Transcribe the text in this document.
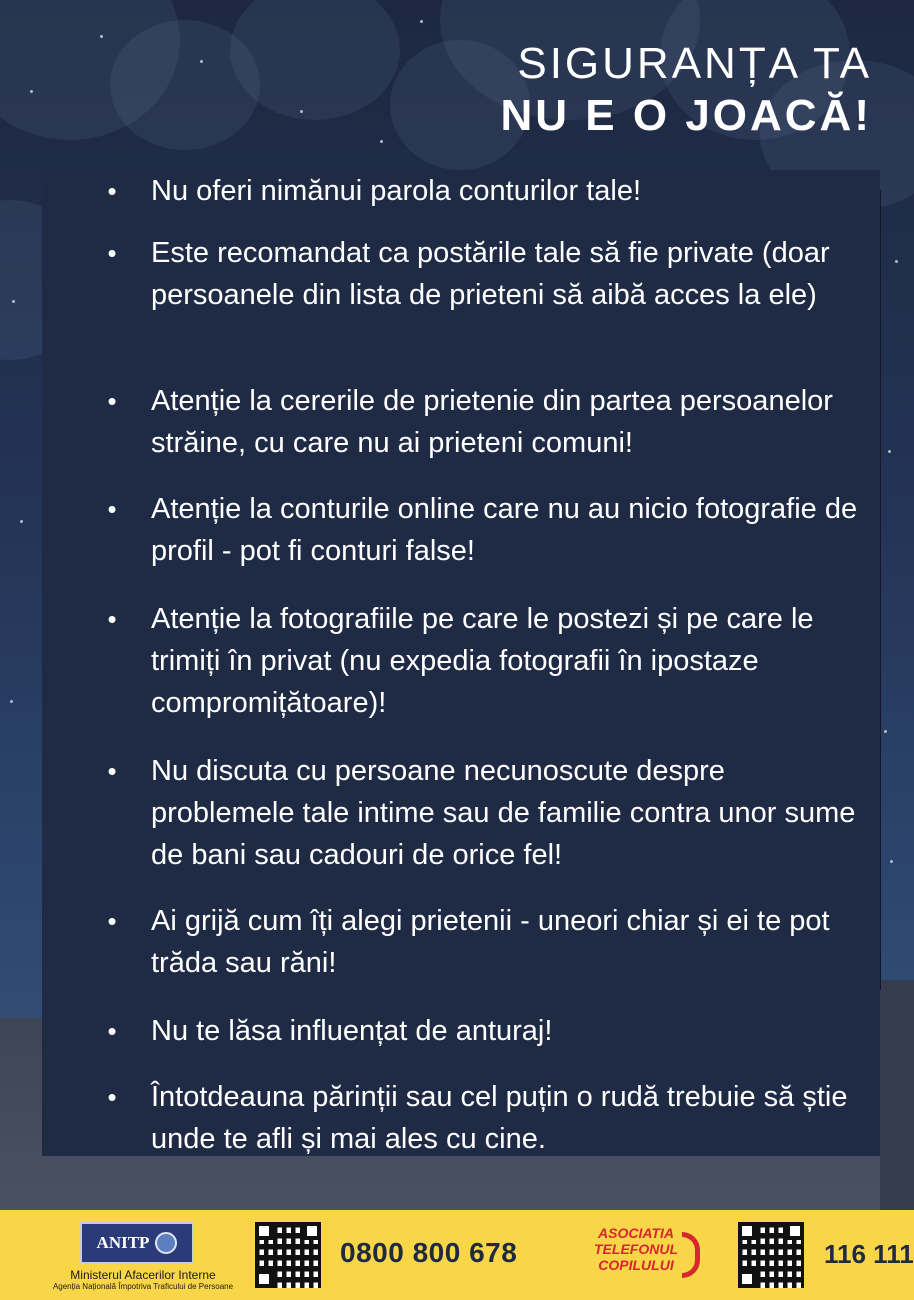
SIGURANȚA TA
NU E O JOACĂ!
• Nu oferi nimănui parola conturilor tale!
• Este recomandat ca postările tale să fie private (doar persoanele din lista de prieteni să aibă acces la ele)
• Atenție la cererile de prietenie din partea persoanelor străine, cu care nu ai prieteni comuni!
• Atenție la conturile online care nu au nicio fotografie de profil - pot fi conturi false!
• Atenție la fotografiile pe care le postezi și pe care le trimiți în privat (nu expedia fotografii în ipostaze compromițătoare)!
• Nu discuta cu persoane necunoscute despre problemele tale intime sau de familie contra unor sume de bani sau cadouri de orice fel!
• Ai grijă cum îți alegi prietenii - uneori chiar și ei te pot trăda sau răni!
• Nu te lăsa influențat de anturaj!
• Întotdeauna părinții sau cel puțin o rudă trebuie să știe unde te afli și mai ales cu cine.
ANITP
Ministerul Afacerilor Interne
Agenția Națională Împotriva Traficului de Persoane
0800 800 678
ASOCIATIA
TELEFONUL
COPILULUI	116 111
